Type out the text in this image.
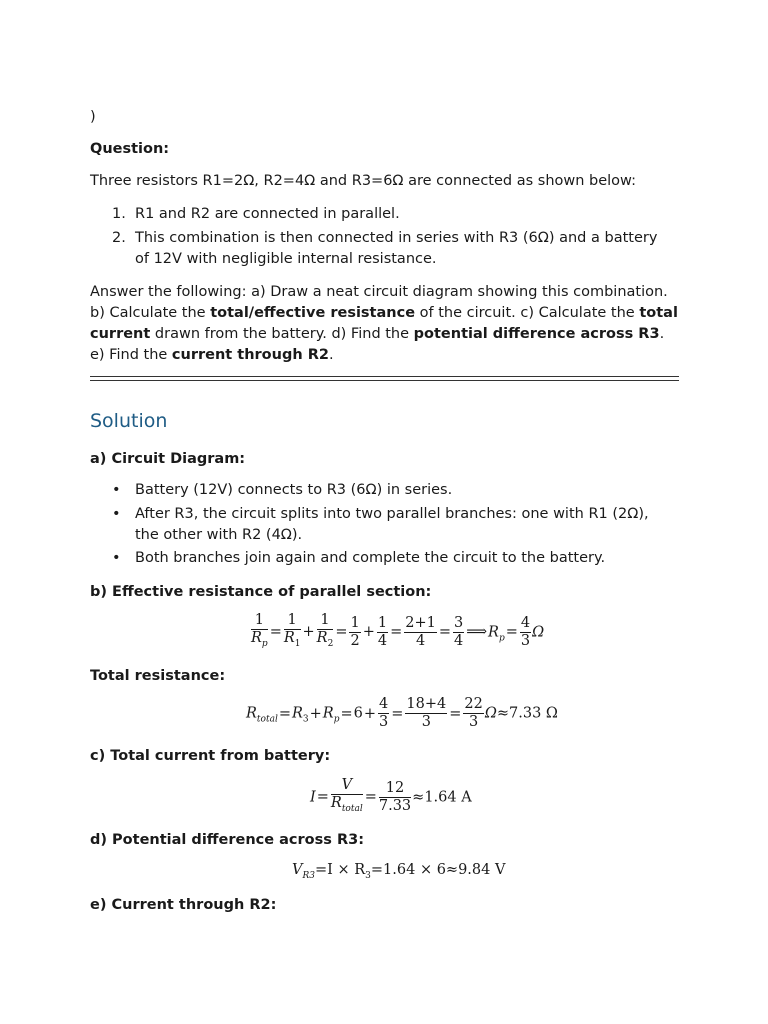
)
Question:
Three resistors R1=2Ω, R2=4Ω and R3=6Ω are connected as shown below:
1. R1 and R2 are connected in parallel.
2. This combination is then connected in series with R3 (6Ω) and a battery of 12V with negligible internal resistance.
Answer the following: a) Draw a neat circuit diagram showing this combination. b) Calculate the total/effective resistance of the circuit. c) Calculate the total current drawn from the battery. d) Find the potential difference across R3. e) Find the current through R2.
Solution
a) Circuit Diagram:
• Battery (12V) connects to R3 (6Ω) in series.
• After R3, the circuit splits into two parallel branches: one with R1 (2Ω), the other with R2 (4Ω).
• Both branches join again and complete the circuit to the battery.
b) Effective resistance of parallel section:
$\frac{1}{R_p} = \frac{1}{R_1} + \frac{1}{R_2} = \frac{1}{2} + \frac{1}{4} = \frac{2+1}{4} = \frac{3}{4}$ $⟹R_p= \frac{4}{3}$ Ω
Total resistance:
$R_{total}=R_3+R_p=6+ \frac{4}{3} = \frac{18+4}{3} = \frac{22}{3} \Omega\approx 7.33$ Ω
c) Total current from battery:
$I= \frac{V}{R_{total}} = \frac{12}{7.33} \approx 1.64$ A
d) Potential difference across R3:
$V_{R3}=I \times R_3=1.64 \times 6\approx 9.84$ V
e) Current through R2:
